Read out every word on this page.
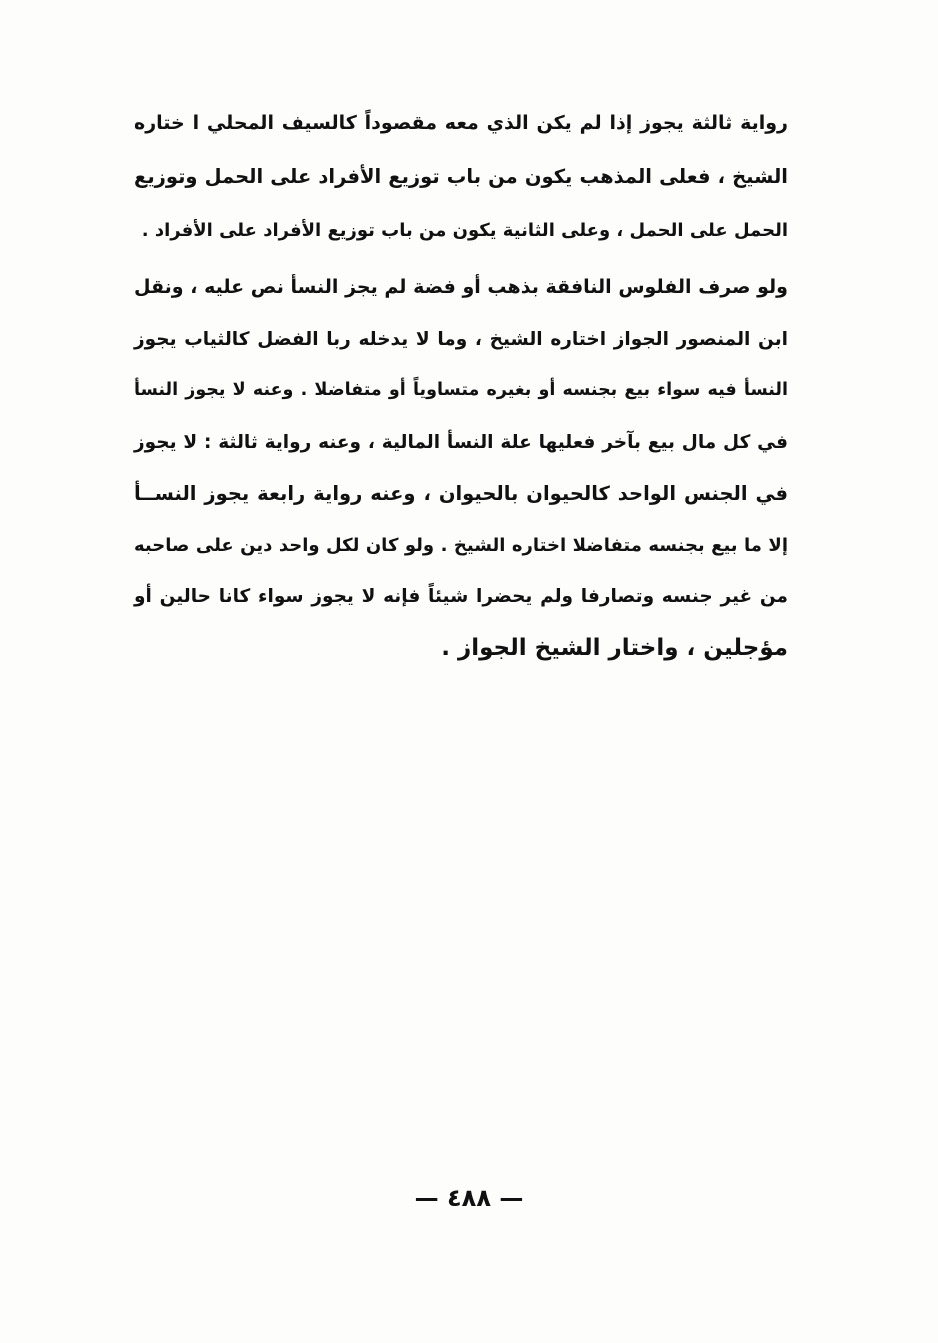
رواية ثالثة يجوز إذا لم يكن الذي معه مقصوداً كالسيف المحلي ا ختاره
الشيخ ، فعلى المذهب يكون من باب توزيع الأفراد على الحمل وتوزيع
الحمل على الحمل ، وعلى الثانية يكون من باب توزيع الأفراد على الأفراد .
ولو صرف الفلوس النافقة بذهب أو فضة لم يجز النسأ نص عليه ، ونقل
ابن المنصور الجواز اختاره الشيخ ، وما لا يدخله ربا الفضل كالثياب يجوز
النسأ فيه سواء بيع بجنسه أو بغيره متساوياً أو متفاضلا . وعنه لا يجوز النسأ
في كل مال بيع بآخر فعليها علة النسأ المالية ، وعنه رواية ثالثة : لا يجوز
في الجنس الواحد كالحيوان بالحيوان ، وعنه رواية رابعة يجوز النســأ
إلا ما بيع بجنسه متفاضلا اختاره الشيخ . ولو كان لكل واحد دين على صاحبه
من غير جنسه وتصارفا ولم يحضرا شيئاً فإنه لا يجوز سواء كانا حالين أو
مؤجلين ، واختار الشيخ الجواز .
— ٤٨٨ —
